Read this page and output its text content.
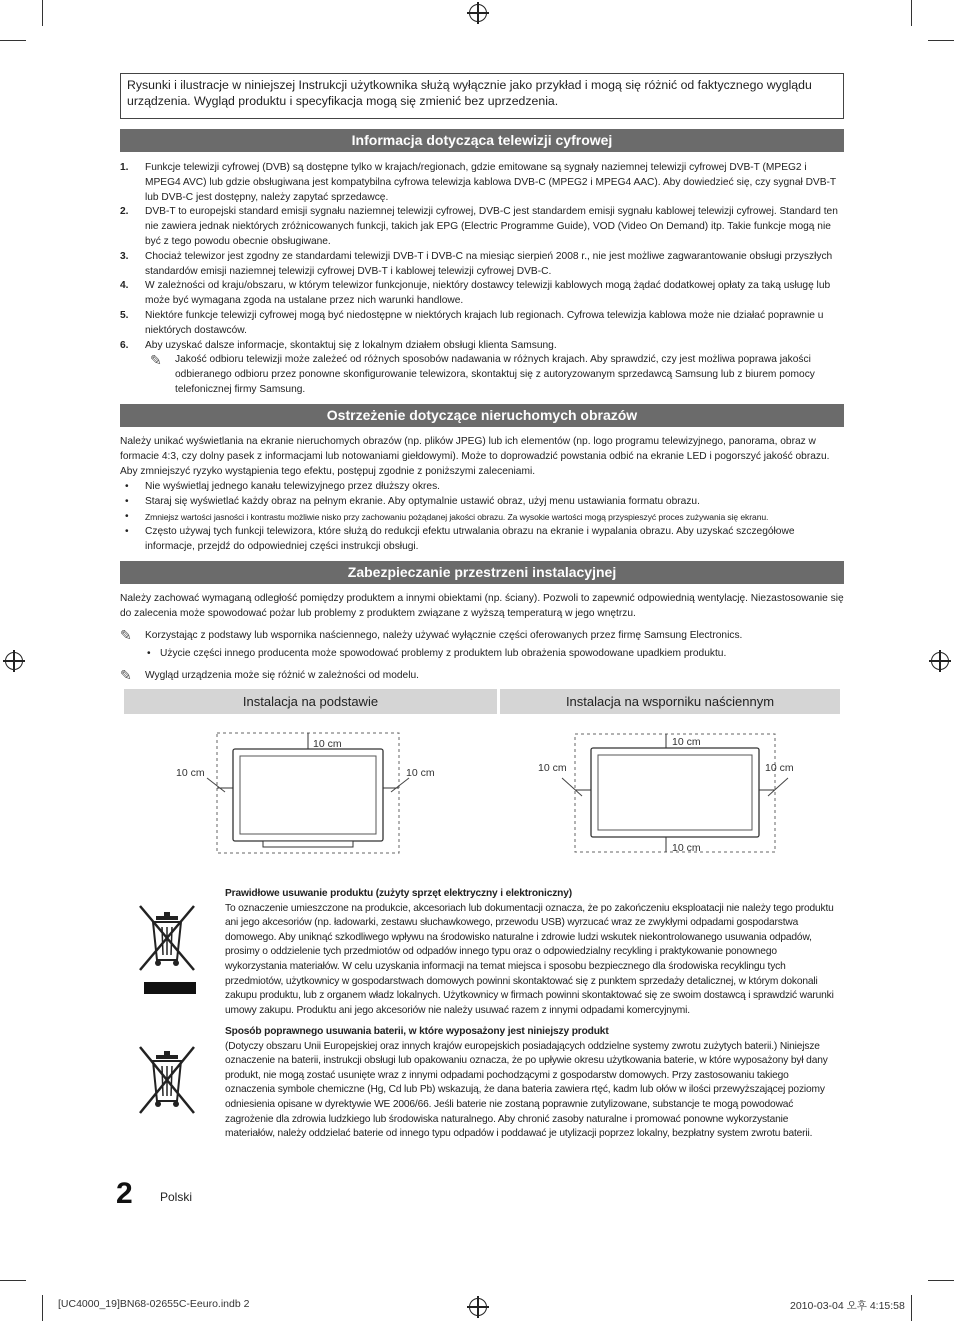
Rysunki i ilustracje w niniejszej Instrukcji użytkownika służą wyłącznie jako przykład i mogą się różnić od faktycznego wyglądu urządzenia. Wygląd produktu i specyfikacja mogą się zmienić bez uprzedzenia.
Informacja dotycząca telewizji cyfrowej
1. Funkcje telewizji cyfrowej (DVB) są dostępne tylko w krajach/regionach, gdzie emitowane są sygnały naziemnej telewizji cyfrowej DVB-T (MPEG2 i MPEG4 AVC) lub gdzie obsługiwana jest kompatybilna cyfrowa telewizja kablowa DVB-C (MPEG2 i MPEG4 AAC). Aby dowiedzieć się, czy sygnał DVB-T lub DVB-C jest dostępny, należy zapytać sprzedawcę.
2. DVB-T to europejski standard emisji sygnału naziemnej telewizji cyfrowej, DVB-C jest standardem emisji sygnału kablowej telewizji cyfrowej. Standard ten nie zawiera jednak niektórych zróżnicowanych funkcji, takich jak EPG (Electric Programme Guide), VOD (Video On Demand) itp. Takie funkcje mogą nie być z tego powodu obecnie obsługiwane.
3. Chociaż telewizor jest zgodny ze standardami telewizji DVB-T i DVB-C na miesiąc sierpień 2008 r., nie jest możliwe zagwarantowanie obsługi przyszłych standardów emisji naziemnej telewizji cyfrowej DVB-T i kablowej telewizji cyfrowej DVB-C.
4. W zależności od kraju/obszaru, w którym telewizor funkcjonuje, niektóry dostawcy telewizji kablowych mogą żądać dodatkowej opłaty za taką usługę lub może być wymagana zgoda na ustalane przez nich warunki handlowe.
5. Niektóre funkcje telewizji cyfrowej mogą być niedostępne w niektórych krajach lub regionach. Cyfrowa telewizja kablowa może nie działać poprawnie u niektórych dostawców.
6. Aby uzyskać dalsze informacje, skontaktuj się z lokalnym działem obsługi klienta Samsung.
✎ Jakość odbioru telewizji może zależeć od różnych sposobów nadawania w różnych krajach. Aby sprawdzić, czy jest możliwa poprawa jakości odbieranego odbioru przez ponowne skonfigurowanie telewizora, skontaktuj się z autoryzowanym sprzedawcą Samsung lub z biurem pomocy telefonicznej firmy Samsung.
Ostrzeżenie dotyczące nieruchomych obrazów
Należy unikać wyświetlania na ekranie nieruchomych obrazów (np. plików JPEG) lub ich elementów (np. logo programu telewizyjnego, panorama, obraz w formacie 4:3, czy dolny pasek z informacjami lub notowaniami giełdowymi). Może to doprowadzić powstania odbić na ekranie LED i pogorszyć jakość obrazu. Aby zmniejszyć ryzyko wystąpienia tego efektu, postępuj zgodnie z poniższymi zaleceniami.
• Nie wyświetlaj jednego kanału telewizyjnego przez dłuższy okres.
• Staraj się wyświetlać każdy obraz na pełnym ekranie. Aby optymalnie ustawić obraz, użyj menu ustawiania formatu obrazu.
• Zmniejsz wartości jasności i kontrastu możliwie nisko przy zachowaniu pożądanej jakości obrazu. Za wysokie wartości mogą przyspieszyć proces zużywania się ekranu.
• Często używaj tych funkcji telewizora, które służą do redukcji efektu utrwalania obrazu na ekranie i wypalania obrazu. Aby uzyskać szczegółowe informacje, przejdź do odpowiedniej części instrukcji obsługi.
Zabezpieczanie przestrzeni instalacyjnej
Należy zachować wymaganą odległość pomiędzy produktem a innymi obiektami (np. ściany). Pozwoli to zapewnić odpowiednią wentylację. Niezastosowanie się do zalecenia może spowodować pożar lub problemy z produktem związane z wyższą temperaturą w jego wnętrzu.
✎ Korzystając z podstawy lub wspornika naściennego, należy używać wyłącznie części oferowanych przez firmę Samsung Electronics.
• Użycie części innego producenta może spowodować problemy z produktem lub obrażenia spowodowane upadkiem produktu.
✎ Wygląd urządzenia może się różnić w zależności od modelu.
Instalacja na podstawie	Instalacja na wsporniku naściennym
10 cm
10 cm	10 cm
10 cm
10 cm	10 cm
10 cm
Prawidłowe usuwanie produktu (zużyty sprzęt elektryczny i elektroniczny)
To oznaczenie umieszczone na produkcie, akcesoriach lub dokumentacji oznacza, że po zakończeniu eksploatacji nie należy tego produktu ani jego akcesoriów (np. ładowarki, zestawu słuchawkowego, przewodu USB) wyrzucać wraz ze zwykłymi odpadami gospodarstwa domowego. Aby uniknąć szkodliwego wpływu na środowisko naturalne i zdrowie ludzi wskutek niekontrolowanego usuwania odpadów, prosimy o oddzielenie tych przedmiotów od odpadów innego typu oraz o odpowiedzialny recykling i praktykowanie ponownego wykorzystania materiałów. W celu uzyskania informacji na temat miejsca i sposobu bezpiecznego dla środowiska recyklingu tych przedmiotów, użytkownicy w gospodarstwach domowych powinni skontaktować się z punktem sprzedaży detalicznej, w którym dokonali zakupu produktu, lub z organem władz lokalnych. Użytkownicy w firmach powinni skontaktować się ze swoim dostawcą i sprawdzić warunki umowy zakupu. Produktu ani jego akcesoriów nie należy usuwać razem z innymi odpadami komercyjnymi.
Sposób poprawnego usuwania baterii, w które wyposażony jest niniejszy produkt
(Dotyczy obszaru Unii Europejskiej oraz innych krajów europejskich posiadających oddzielne systemy zwrotu zużytych baterii.) Niniejsze oznaczenie na baterii, instrukcji obsługi lub opakowaniu oznacza, że po upływie okresu użytkowania baterie, w które wyposażony był dany produkt, nie mogą zostać usunięte wraz z innymi odpadami pochodzącymi z gospodarstw domowych. Przy zastosowaniu takiego oznaczenia symbole chemiczne (Hg, Cd lub Pb) wskazują, że dana bateria zawiera rtęć, kadm lub ołów w ilości przewyższającej poziomy odniesienia opisane w dyrektywie WE 2006/66. Jeśli baterie nie zostaną poprawnie zutylizowane, substancje te mogą powodować zagrożenie dla zdrowia ludzkiego lub środowiska naturalnego. Aby chronić zasoby naturalne i promować ponowne wykorzystanie materiałów, należy oddzielać baterie od innego typu odpadów i poddawać je utylizacji poprzez lokalny, bezpłatny system zwrotu baterii.
2 Polski
[UC4000_19]BN68-02655C-Eeuro.indb 2	2010-03-04 오후 4:15:58
